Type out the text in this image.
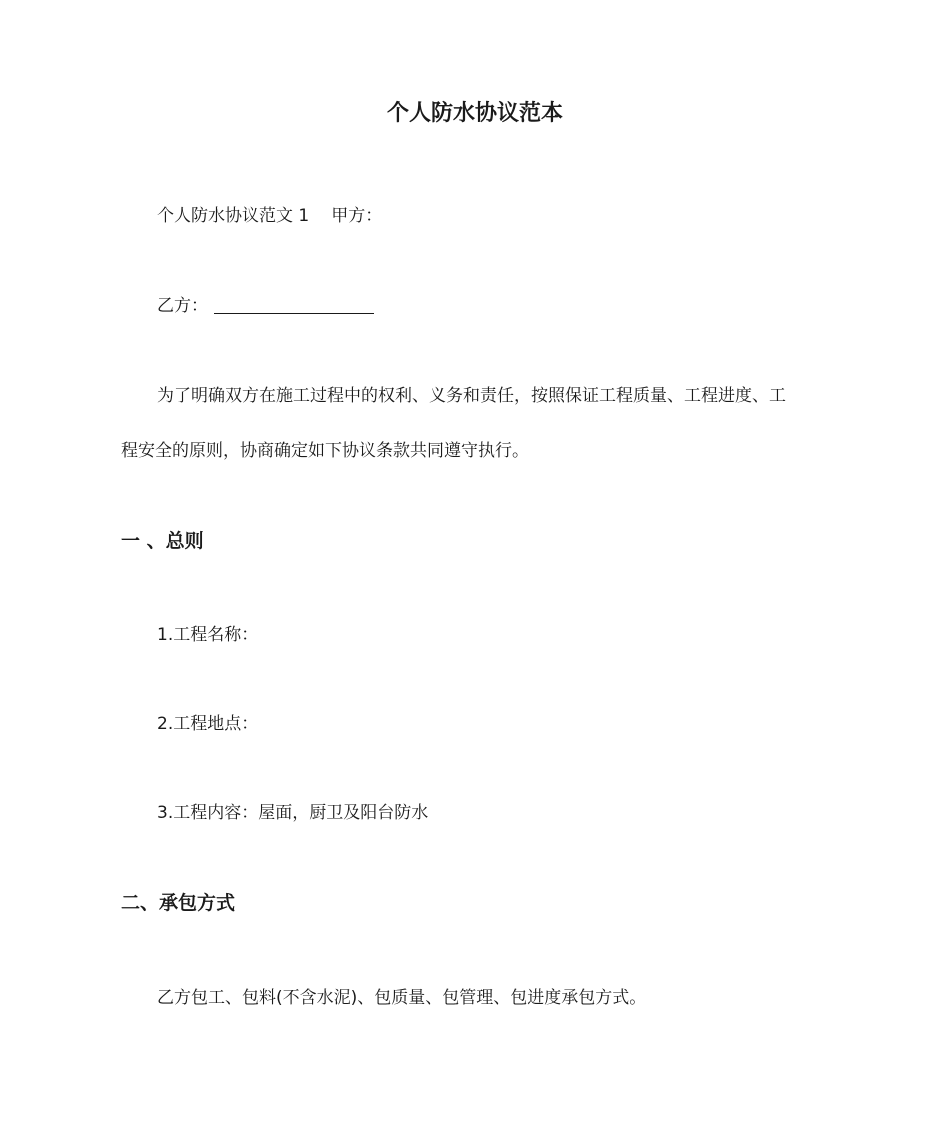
个人防水协议范本
个人防水协议范文 1 甲方：
乙方：
为了明确双方在施工过程中的权利、义务和责任，按照保证工程质量、工程进度、工
程安全的原则，协商确定如下协议条款共同遵守执行。
一 、总则
1.工程名称：
2.工程地点：
3.工程内容：屋面，厨卫及阳台防水
二、承包方式
乙方包工、包料(不含水泥)、包质量、包管理、包进度承包方式。
